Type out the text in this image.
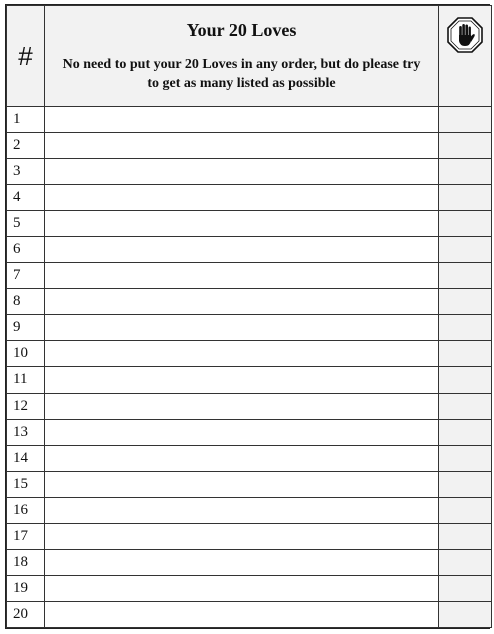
#	Your 20 Loves
No need to put your 20 Loves in any order, but do please try to get as many listed as possible

1		
2		
3		
4		
5		
6		
7		
8		
9		
10		
11		
12		
13		
14		
15		
16		
17		
18		
19		
20		
